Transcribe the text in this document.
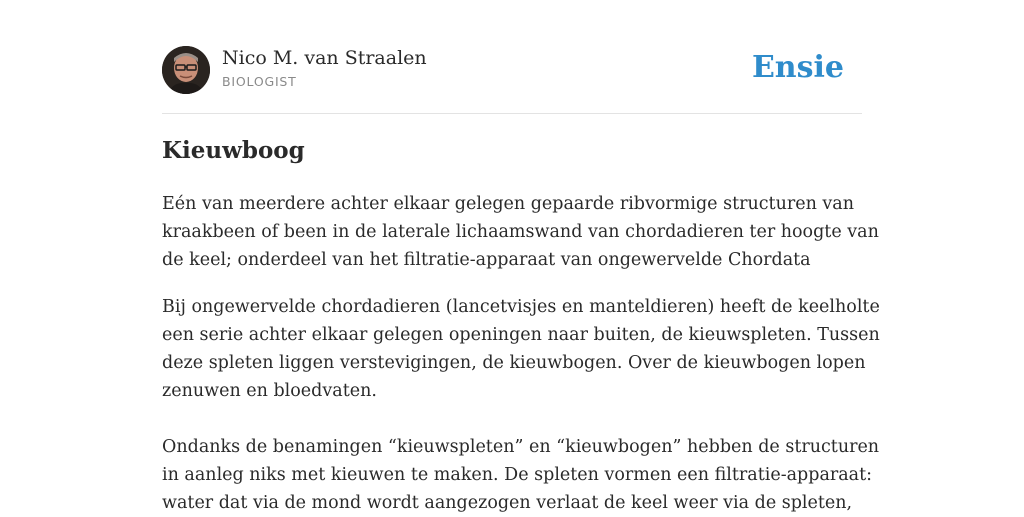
Nico M. van Straalen
BIOLOGIST	Ensie
Kieuwboog

Eén van meerdere achter elkaar gelegen gepaarde ribvormige structuren van
kraakbeen of been in de laterale lichaamswand van chordadieren ter hoogte van
de keel; onderdeel van het filtratie-apparaat van ongewervelde Chordata

Bij ongewervelde chordadieren (lancetvisjes en manteldieren) heeft de keelholte
een serie achter elkaar gelegen openingen naar buiten, de kieuwspleten. Tussen
deze spleten liggen verstevigingen, de kieuwbogen. Over de kieuwbogen lopen
zenuwen en bloedvaten.

Ondanks de benamingen “kieuwspleten” en “kieuwbogen” hebben de structuren
in aanleg niks met kieuwen te maken. De spleten vormen een filtratie-apparaat:
water dat via de mond wordt aangezogen verlaat de keel weer via de spleten,
